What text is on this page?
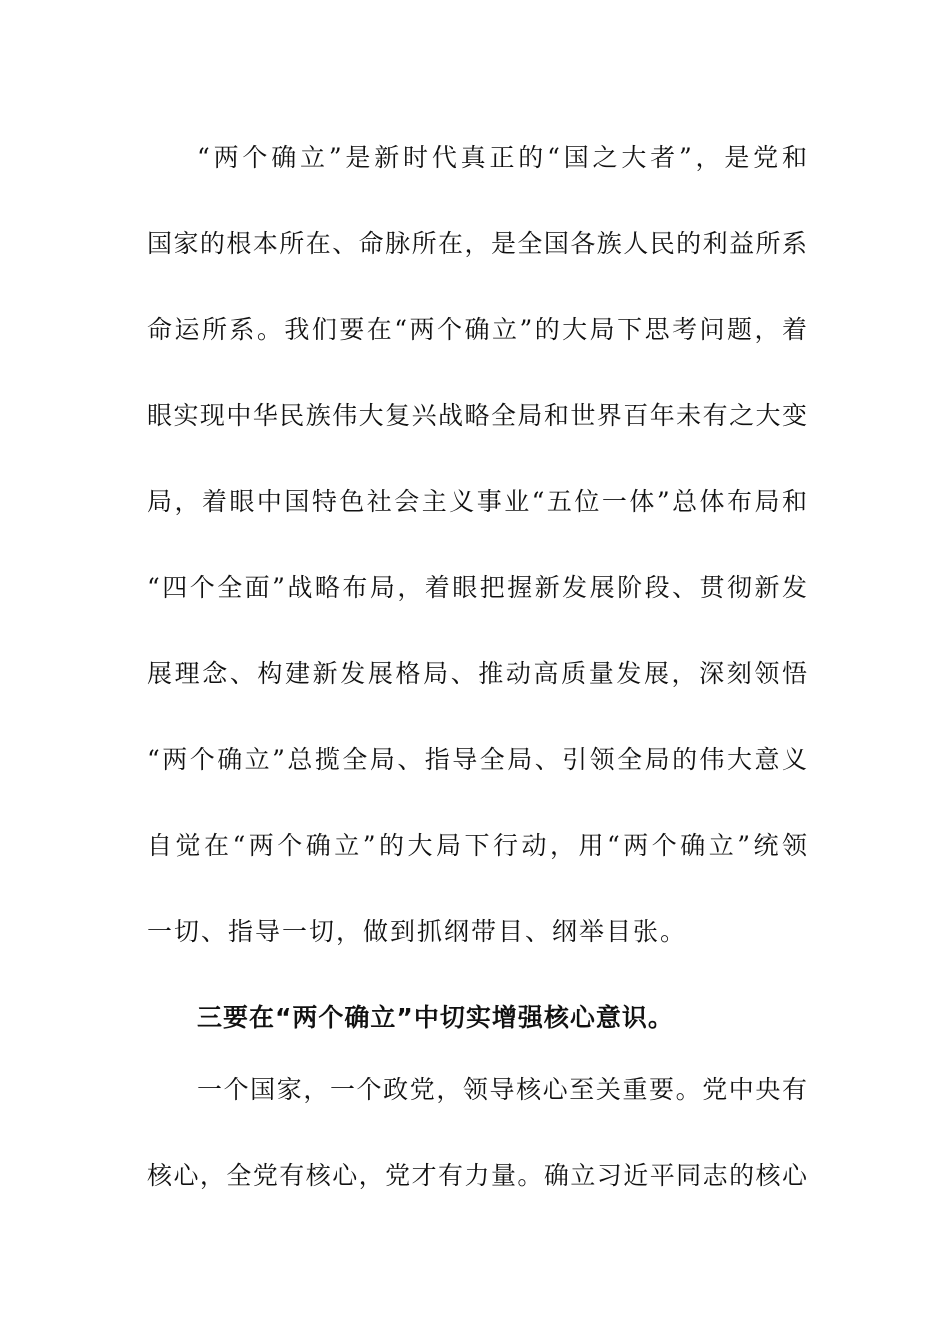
“两个确立”是新时代真正的“国之大者”，是党和
国家的根本所在、命脉所在，是全国各族人民的利益所系
命运所系。我们要在“两个确立”的大局下思考问题，着
眼实现中华民族伟大复兴战略全局和世界百年未有之大变
局，着眼中国特色社会主义事业“五位一体”总体布局和
“四个全面”战略布局，着眼把握新发展阶段、贯彻新发
展理念、构建新发展格局、推动高质量发展，深刻领悟
“两个确立”总揽全局、指导全局、引领全局的伟大意义
自觉在“两个确立”的大局下行动，用“两个确立”统领
一切、指导一切，做到抓纲带目、纲举目张。
三要在“两个确立”中切实增强核心意识。
一个国家，一个政党，领导核心至关重要。党中央有
核心，全党有核心，党才有力量。确立习近平同志的核心
